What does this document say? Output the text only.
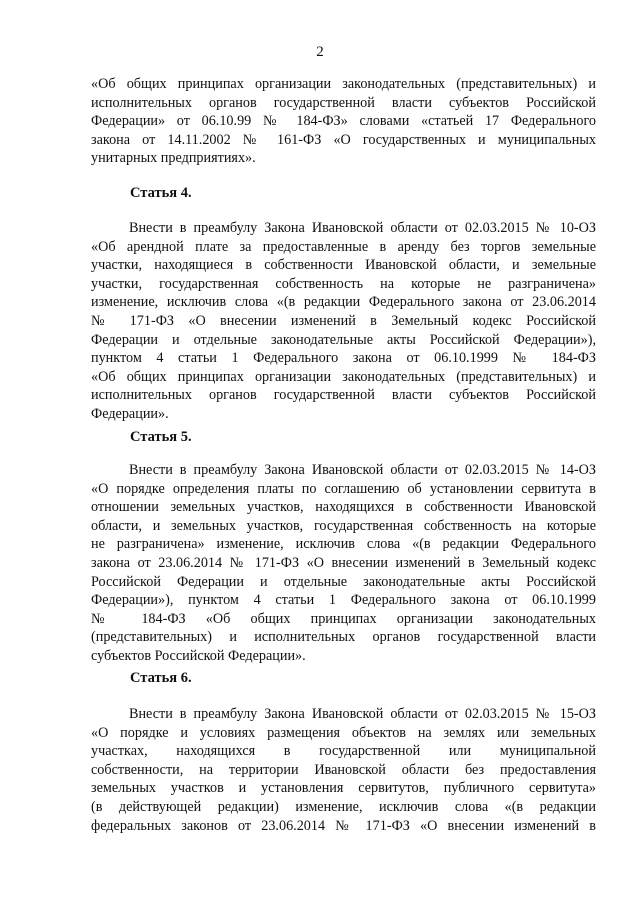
2
«Об общих принципах организации законодательных (представительных) и
исполнительных органов государственной власти субъектов Российской
Федерации» от 06.10.99 № 184-ФЗ» словами «статьей 17 Федерального
закона от 14.11.2002 № 161-ФЗ «О государственных и муниципальных
унитарных предприятиях».
Статья 4.
Внести в преамбулу Закона Ивановской области от 02.03.2015 № 10-ОЗ
«Об арендной плате за предоставленные в аренду без торгов земельные
участки, находящиеся в собственности Ивановской области, и земельные
участки, государственная собственность на которые не разграничена»
изменение, исключив слова «(в редакции Федерального закона от 23.06.2014
№ 171-ФЗ «О внесении изменений в Земельный кодекс Российской
Федерации и отдельные законодательные акты Российской Федерации»),
пунктом 4 статьи 1 Федерального закона от 06.10.1999 № 184-ФЗ
«Об общих принципах организации законодательных (представительных) и
исполнительных органов государственной власти субъектов Российской
Федерации».
Статья 5.
Внести в преамбулу Закона Ивановской области от 02.03.2015 № 14-ОЗ
«О порядке определения платы по соглашению об установлении сервитута в
отношении земельных участков, находящихся в собственности Ивановской
области, и земельных участков, государственная собственность на которые
не разграничена» изменение, исключив слова «(в редакции Федерального
закона от 23.06.2014 № 171-ФЗ «О внесении изменений в Земельный кодекс
Российской Федерации и отдельные законодательные акты Российской
Федерации»), пунктом 4 статьи 1 Федерального закона от 06.10.1999
№ 184-ФЗ «Об общих принципах организации законодательных
(представительных) и исполнительных органов государственной власти
субъектов Российской Федерации».
Статья 6.
Внести в преамбулу Закона Ивановской области от 02.03.2015 № 15-ОЗ
«О порядке и условиях размещения объектов на землях или земельных
участках, находящихся в государственной или муниципальной
собственности, на территории Ивановской области без предоставления
земельных участков и установления сервитутов, публичного сервитута»
(в действующей редакции) изменение, исключив слова «(в редакции
федеральных законов от 23.06.2014 № 171-ФЗ «О внесении изменений в
